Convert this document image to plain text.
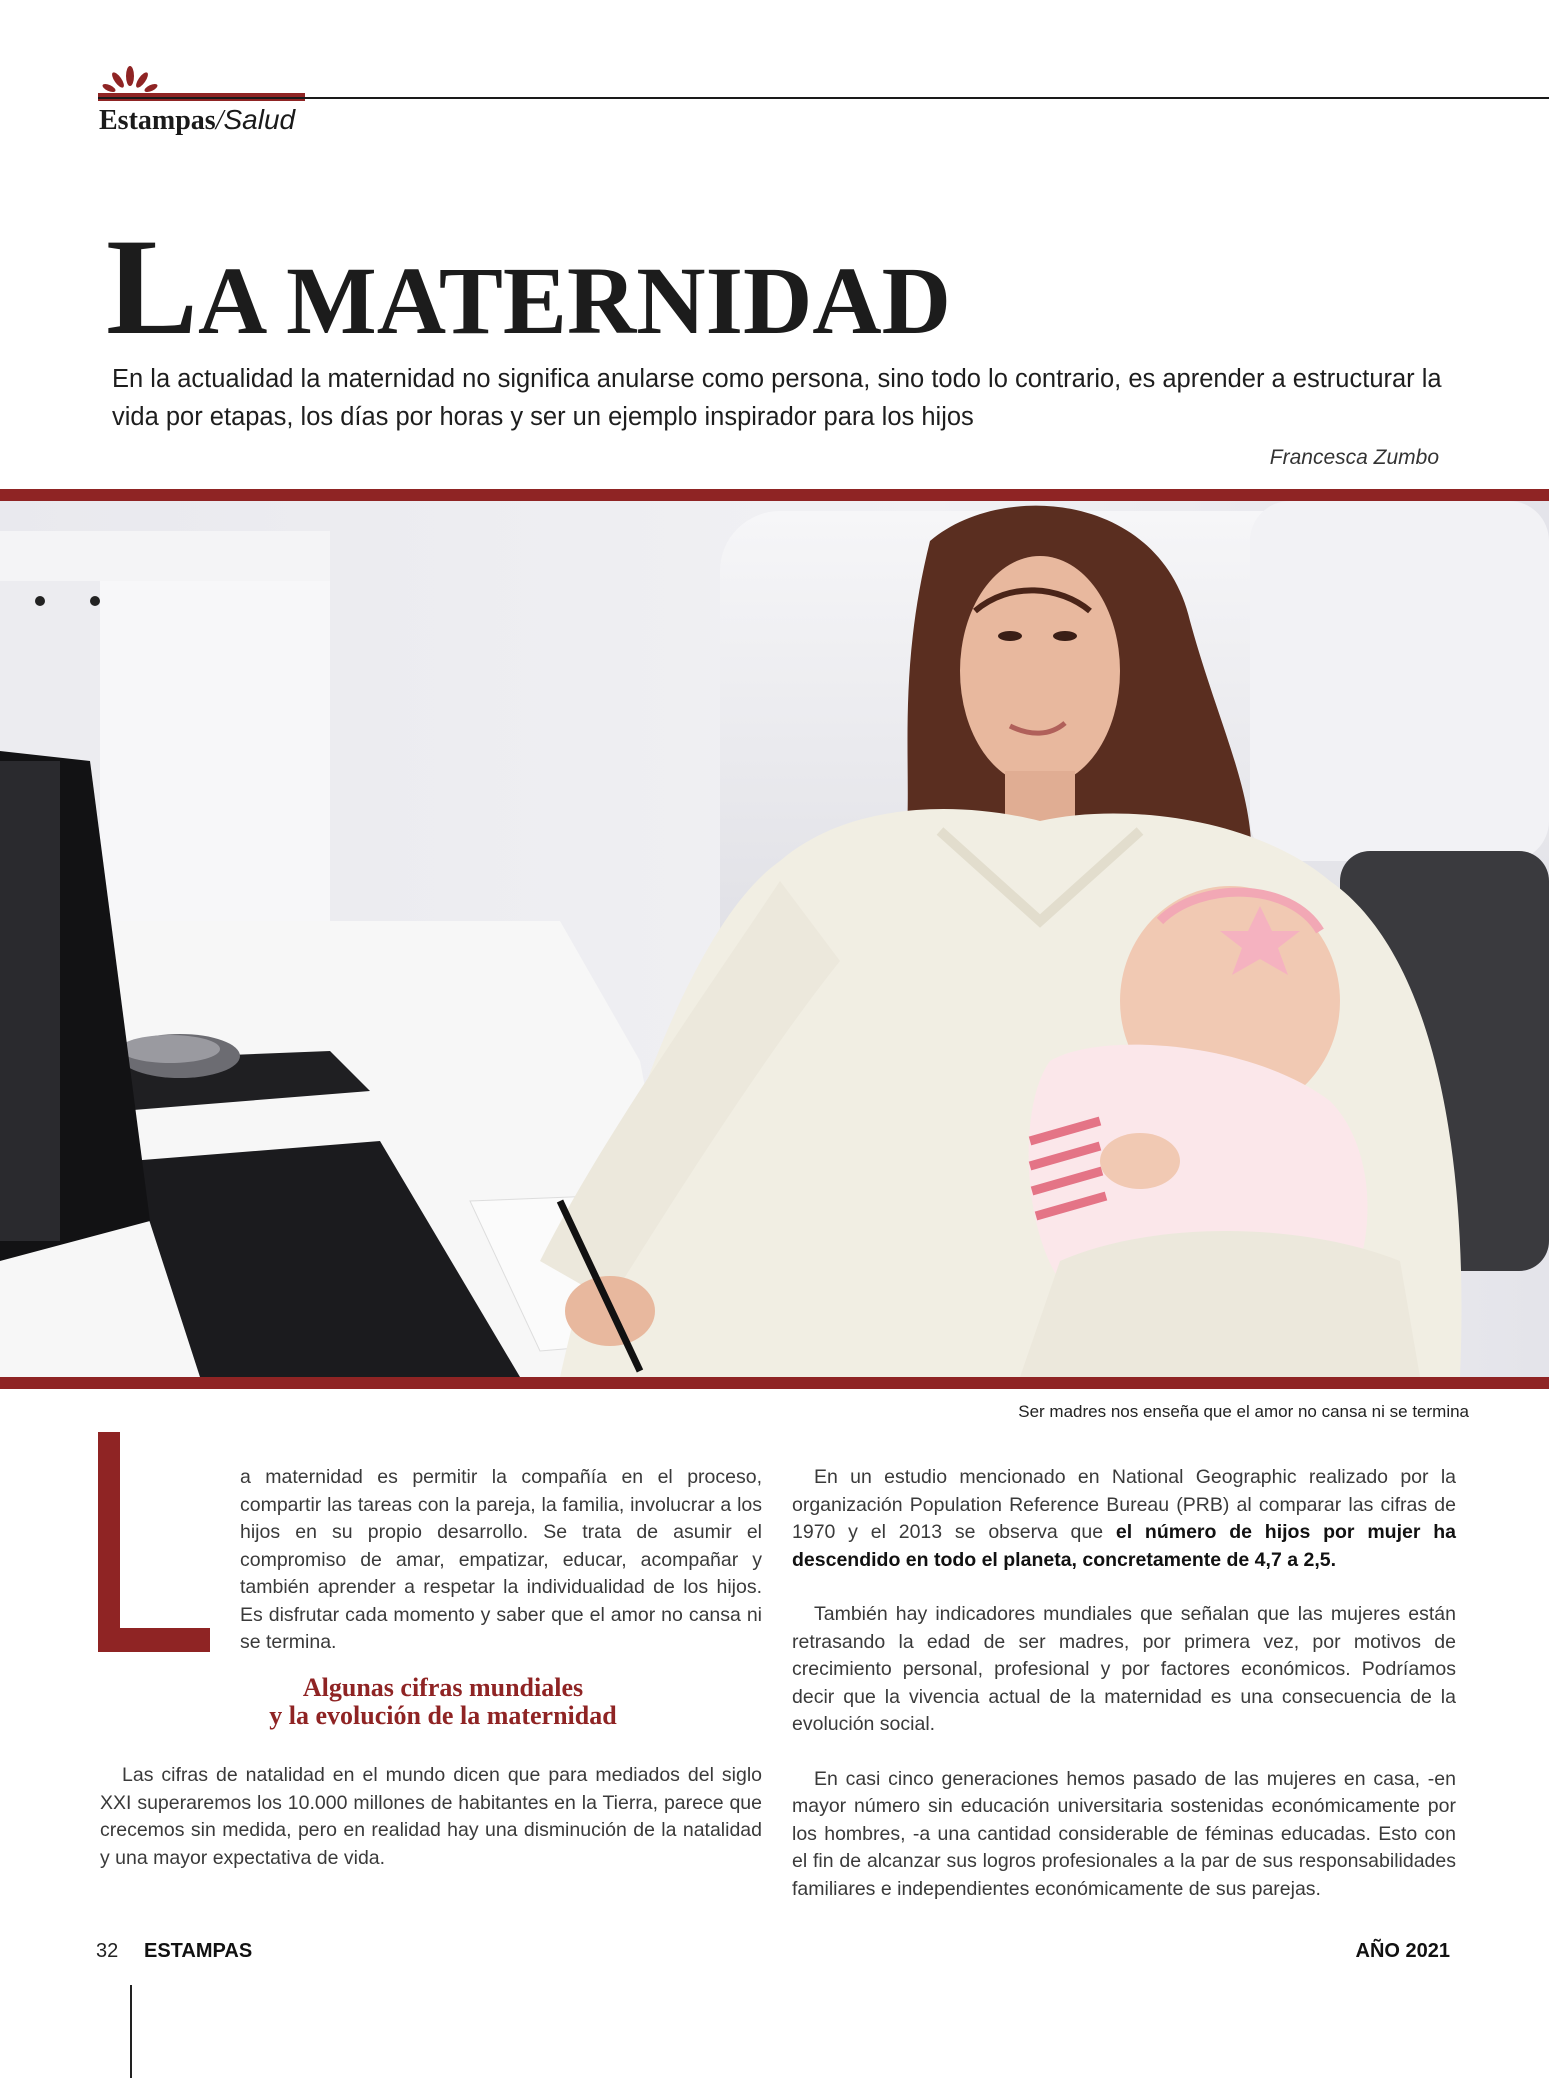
Estampas/Salud
LA MATERNIDAD
En la actualidad la maternidad no significa anularse como persona, sino todo lo contrario, es aprender a estructurar la vida por etapas, los días por horas y ser un ejemplo inspirador para los hijos
Francesca Zumbo
Ser madres nos enseña que el amor no cansa ni se termina
a maternidad es permitir la compañía en el proceso, compartir las tareas con la pareja, la familia, involucrar a los hijos en su propio desarrollo. Se trata de asumir el compromiso de amar, empatizar, educar, acompañar y también aprender a respetar la individualidad de los hijos. Es disfrutar cada momento y saber que el amor no cansa ni se termina.
Algunas cifras mundiales
y la evolución de la maternidad
Las cifras de natalidad en el mundo dicen que para mediados del siglo XXI superaremos los 10.000 millones de habitantes en la Tierra, parece que crecemos sin medida, pero en realidad hay una disminución de la natalidad y una mayor expectativa de vida.

En un estudio mencionado en National Geographic realizado por la organización Population Reference Bureau (PRB) al comparar las cifras de 1970 y el 2013 se observa que el número de hijos por mujer ha descendido en todo el planeta, concretamente de 4,7 a 2,5.

También hay indicadores mundiales que señalan que las mujeres están retrasando la edad de ser madres, por primera vez, por motivos de crecimiento personal, profesional y por factores económicos. Podríamos decir que la vivencia actual de la maternidad es una consecuencia de la evolución social.

En casi cinco generaciones hemos pasado de las mujeres en casa, -en mayor número sin educación universitaria sostenidas económicamente por los hombres, -a una cantidad considerable de féminas educadas. Esto con el fin de alcanzar sus logros profesionales a la par de sus responsabilidades familiares e independientes económicamente de sus parejas.

32 ESTAMPAS	AÑO 2021
